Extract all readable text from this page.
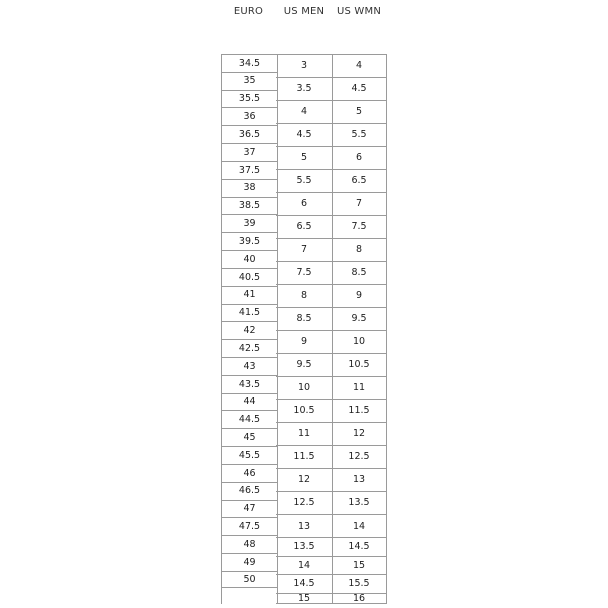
EURO	US MEN	US WMN
34.5
35
35.5
36
36.5
37
37.5
38
38.5
39
39.5
40
40.5
41
41.5
42
42.5
43
43.5
44
44.5
45
45.5
46
46.5
47
47.5
48
49
50
3
3.5
4
4.5
5
5.5
6
6.5
7
7.5
8
8.5
9
9.5
10
10.5
11
11.5
12
12.5
13
13.5
14
14.5
15
4
4.5
5
5.5
6
6.5
7
7.5
8
8.5
9
9.5
10
10.5
11
11.5
12
12.5
13
13.5
14
14.5
15
15.5
16
